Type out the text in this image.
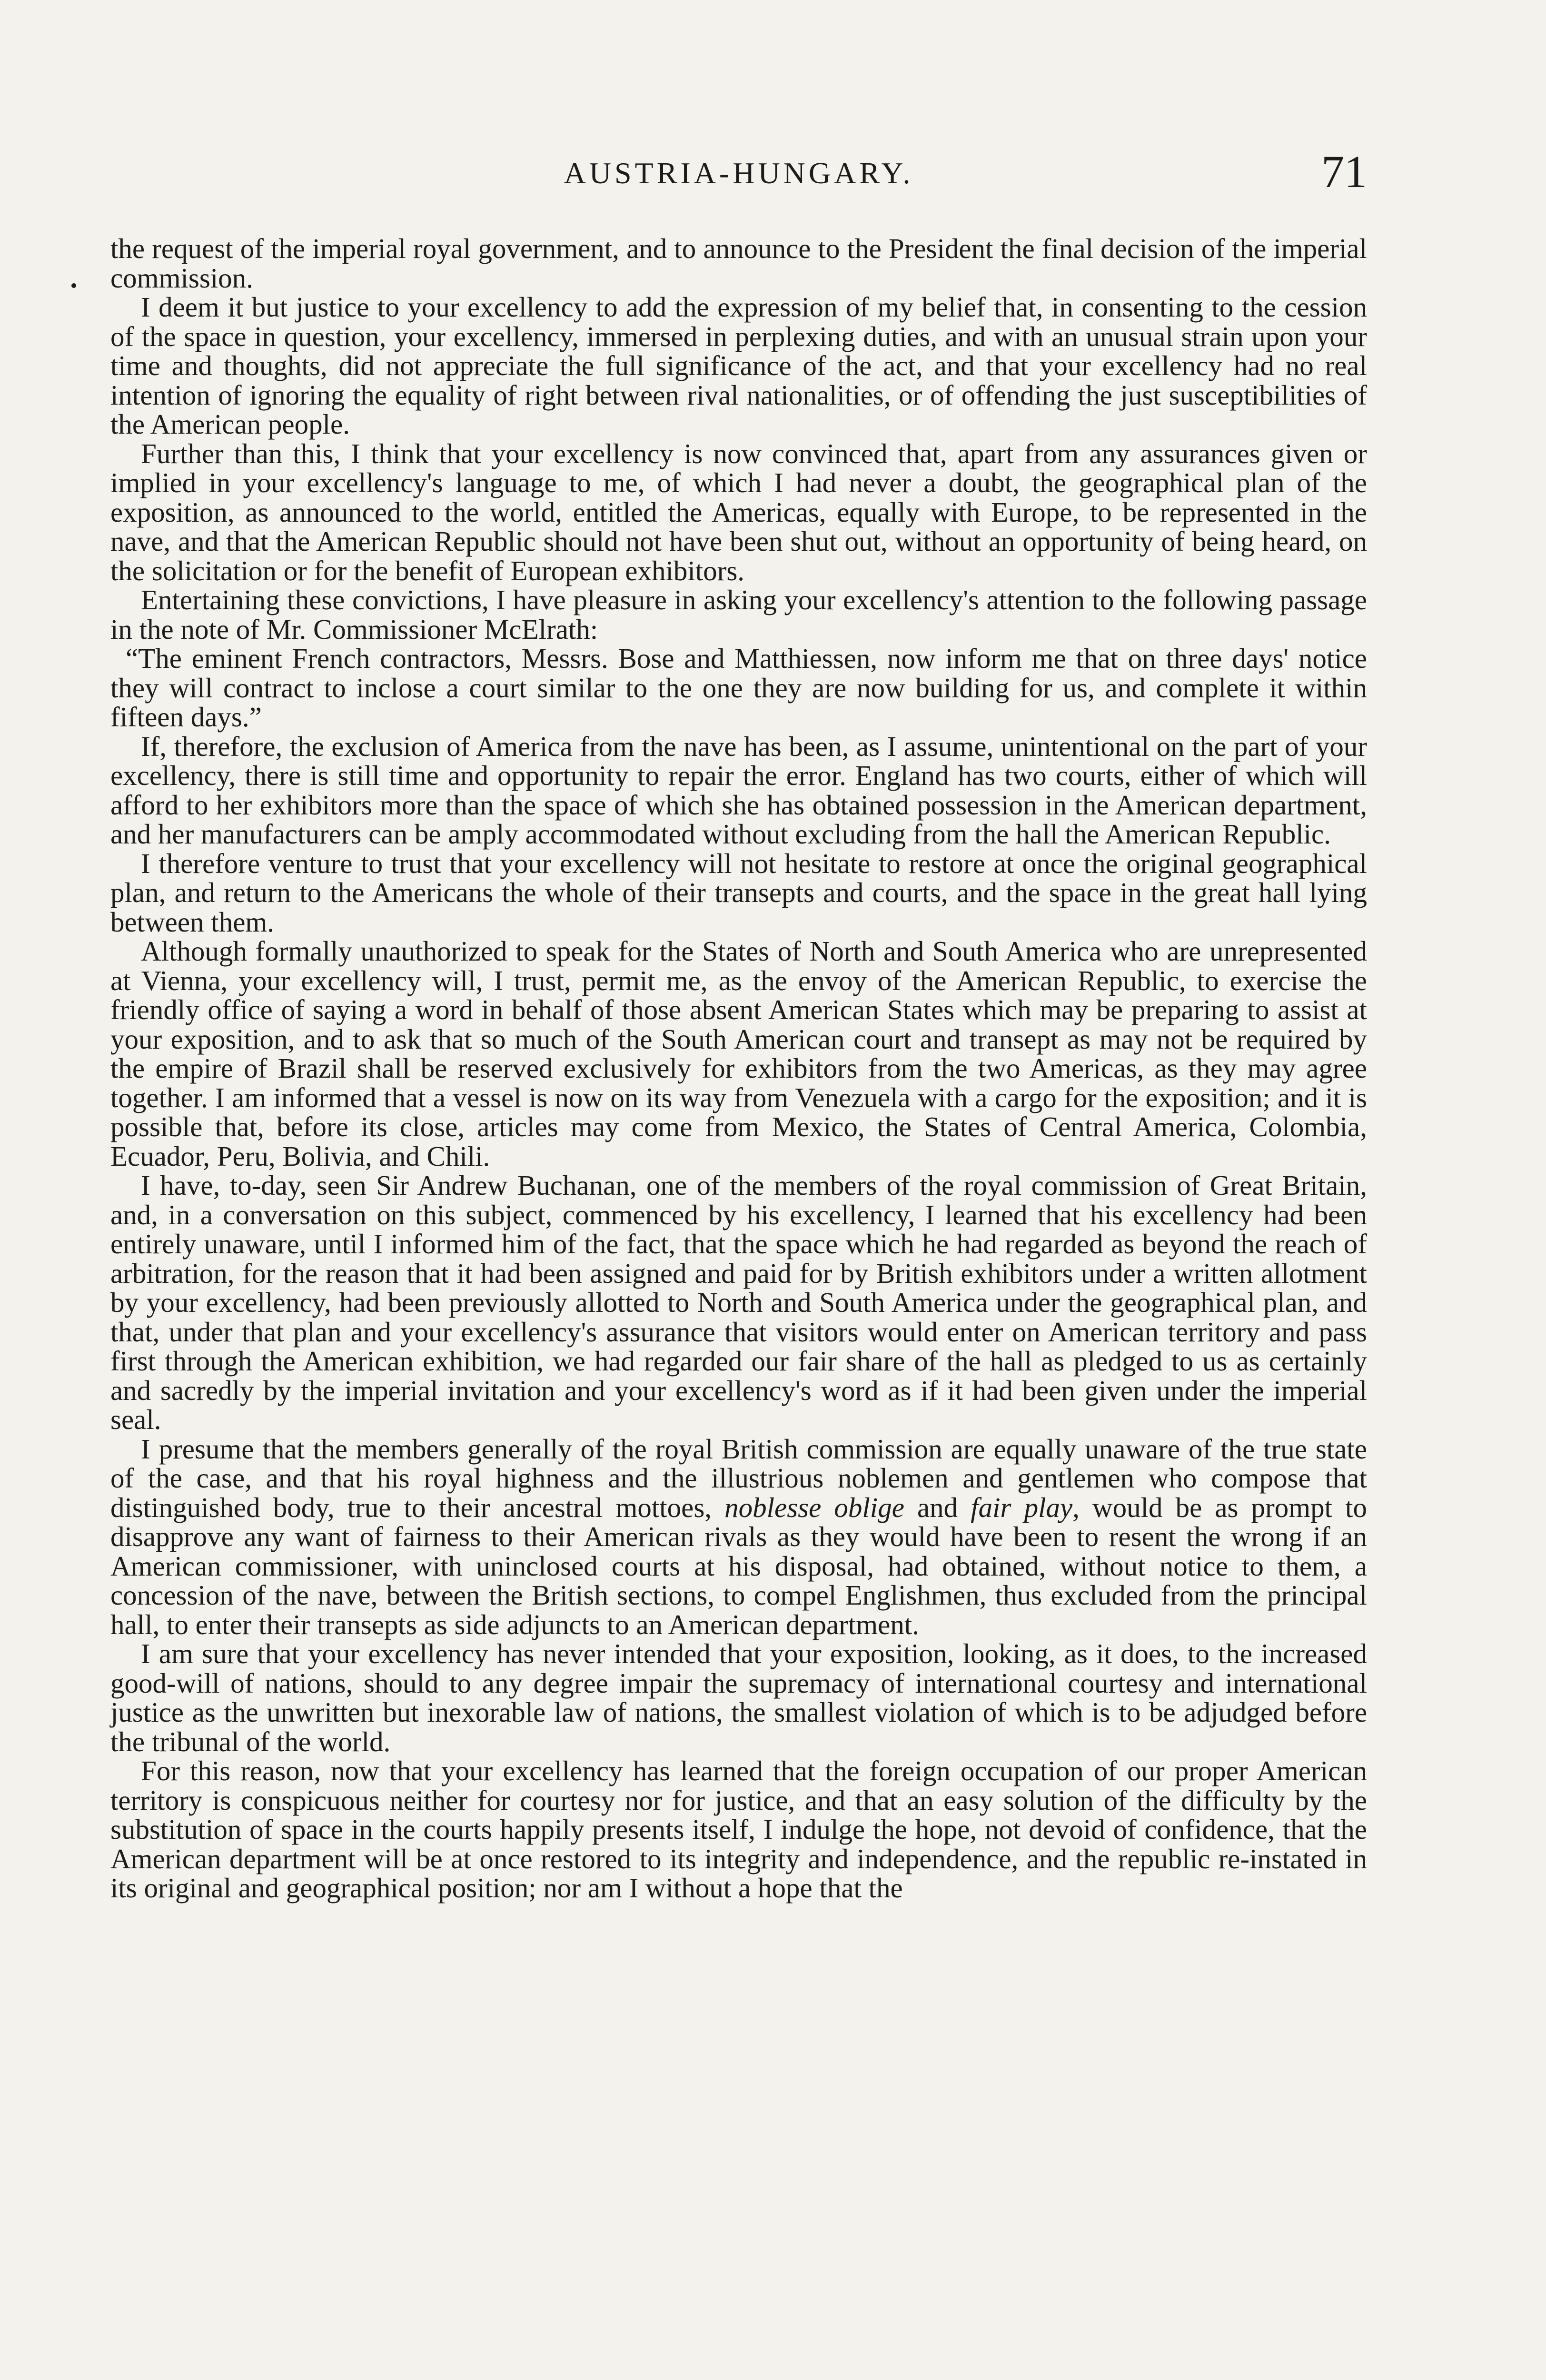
AUSTRIA-HUNGARY.	71

the request of the imperial royal government, and to announce to the President the final decision of the imperial commission.

I deem it but justice to your excellency to add the expression of my belief that, in consenting to the cession of the space in question, your excellency, immersed in perplexing duties, and with an unusual strain upon your time and thoughts, did not appreciate the full significance of the act, and that your excellency had no real intention of ignoring the equality of right between rival nationalities, or of offending the just susceptibilities of the American people.

Further than this, I think that your excellency is now convinced that, apart from any assurances given or implied in your excellency's language to me, of which I had never a doubt, the geographical plan of the exposition, as announced to the world, entitled the Americas, equally with Europe, to be represented in the nave, and that the American Republic should not have been shut out, without an opportunity of being heard, on the solicitation or for the benefit of European exhibitors.

Entertaining these convictions, I have pleasure in asking your excellency's attention to the following passage in the note of Mr. Commissioner McElrath:

“The eminent French contractors, Messrs. Bose and Matthiessen, now inform me that on three days' notice they will contract to inclose a court similar to the one they are now building for us, and complete it within fifteen days.”

If, therefore, the exclusion of America from the nave has been, as I assume, unintentional on the part of your excellency, there is still time and opportunity to repair the error. England has two courts, either of which will afford to her exhibitors more than the space of which she has obtained possession in the American department, and her manufacturers can be amply accommodated without excluding from the hall the American Republic.

I therefore venture to trust that your excellency will not hesitate to restore at once the original geographical plan, and return to the Americans the whole of their transepts and courts, and the space in the great hall lying between them.

Although formally unauthorized to speak for the States of North and South America who are unrepresented at Vienna, your excellency will, I trust, permit me, as the envoy of the American Republic, to exercise the friendly office of saying a word in behalf of those absent American States which may be preparing to assist at your exposition, and to ask that so much of the South American court and transept as may not be required by the empire of Brazil shall be reserved exclusively for exhibitors from the two Americas, as they may agree together. I am informed that a vessel is now on its way from Venezuela with a cargo for the exposition; and it is possible that, before its close, articles may come from Mexico, the States of Central America, Colombia, Ecuador, Peru, Bolivia, and Chili.

I have, to-day, seen Sir Andrew Buchanan, one of the members of the royal commission of Great Britain, and, in a conversation on this subject, commenced by his excellency, I learned that his excellency had been entirely unaware, until I informed him of the fact, that the space which he had regarded as beyond the reach of arbitration, for the reason that it had been assigned and paid for by British exhibitors under a written allotment by your excellency, had been previously allotted to North and South America under the geographical plan, and that, under that plan and your excellency's assurance that visitors would enter on American territory and pass first through the American exhibition, we had regarded our fair share of the hall as pledged to us as certainly and sacredly by the imperial invitation and your excellency's word as if it had been given under the imperial seal.

I presume that the members generally of the royal British commission are equally unaware of the true state of the case, and that his royal highness and the illustrious noblemen and gentlemen who compose that distinguished body, true to their ancestral mottoes, noblesse oblige and fair play, would be as prompt to disapprove any want of fairness to their American rivals as they would have been to resent the wrong if an American commissioner, with uninclosed courts at his disposal, had obtained, without notice to them, a concession of the nave, between the British sections, to compel Englishmen, thus excluded from the principal hall, to enter their transepts as side adjuncts to an American department.

I am sure that your excellency has never intended that your exposition, looking, as it does, to the increased good-will of nations, should to any degree impair the supremacy of international courtesy and international justice as the unwritten but inexorable law of nations, the smallest violation of which is to be adjudged before the tribunal of the world.

For this reason, now that your excellency has learned that the foreign occupation of our proper American territory is conspicuous neither for courtesy nor for justice, and that an easy solution of the difficulty by the substitution of space in the courts happily presents itself, I indulge the hope, not devoid of confidence, that the American department will be at once restored to its integrity and independence, and the republic re-instated in its original and geographical position; nor am I without a hope that the
